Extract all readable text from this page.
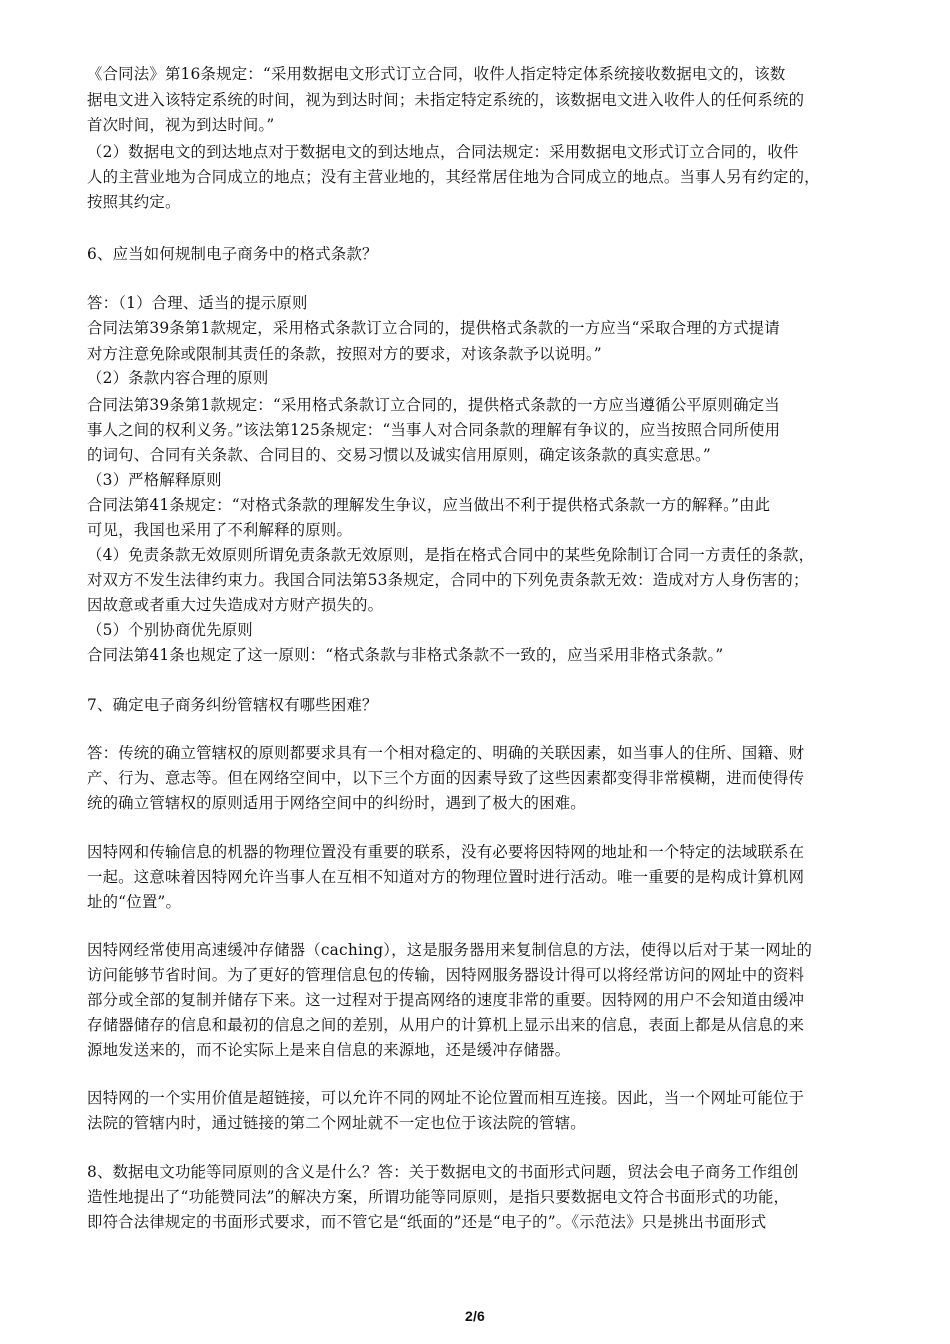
《合同法》第16条规定：“采用数据电文形式订立合同，收件人指定特定体系统接收数据电文的，该数
据电文进入该特定系统的时间，视为到达时间；未指定特定系统的，该数据电文进入收件人的任何系统的
首次时间，视为到达时间。”
（2）数据电文的到达地点对于数据电文的到达地点，合同法规定：采用数据电文形式订立合同的，收件
人的主营业地为合同成立的地点；没有主营业地的，其经常居住地为合同成立的地点。当事人另有约定的，
按照其约定。
6、应当如何规制电子商务中的格式条款？
答：（1）合理、适当的提示原则
合同法第39条第1款规定，采用格式条款订立合同的，提供格式条款的一方应当“采取合理的方式提请
对方注意免除或限制其责任的条款，按照对方的要求，对该条款予以说明。”
（2）条款内容合理的原则
合同法第39条第1款规定：“采用格式条款订立合同的，提供格式条款的一方应当遵循公平原则确定当
事人之间的权利义务。”该法第125条规定：“当事人对合同条款的理解有争议的，应当按照合同所使用
的词句、合同有关条款、合同目的、交易习惯以及诚实信用原则，确定该条款的真实意思。”
（3）严格解释原则
合同法第41条规定：“对格式条款的理解发生争议，应当做出不利于提供格式条款一方的解释。”由此
可见，我国也采用了不利解释的原则。
（4）免责条款无效原则所谓免责条款无效原则，是指在格式合同中的某些免除制订合同一方责任的条款，
对双方不发生法律约束力。我国合同法第53条规定，合同中的下列免责条款无效：造成对方人身伤害的；
因故意或者重大过失造成对方财产损失的。
（5）个别协商优先原则
合同法第41条也规定了这一原则：“格式条款与非格式条款不一致的，应当采用非格式条款。”
7、确定电子商务纠纷管辖权有哪些困难？
答：传统的确立管辖权的原则都要求具有一个相对稳定的、明确的关联因素，如当事人的住所、国籍、财
产、行为、意志等。但在网络空间中，以下三个方面的因素导致了这些因素都变得非常模糊，进而使得传
统的确立管辖权的原则适用于网络空间中的纠纷时，遇到了极大的困难。
因特网和传输信息的机器的物理位置没有重要的联系，没有必要将因特网的地址和一个特定的法域联系在
一起。这意味着因特网允许当事人在互相不知道对方的物理位置时进行活动。唯一重要的是构成计算机网
址的“位置”。
因特网经常使用高速缓冲存储器（caching），这是服务器用来复制信息的方法，使得以后对于某一网址的
访问能够节省时间。为了更好的管理信息包的传输，因特网服务器设计得可以将经常访问的网址中的资料
部分或全部的复制并储存下来。这一过程对于提高网络的速度非常的重要。因特网的用户不会知道由缓冲
存储器储存的信息和最初的信息之间的差别，从用户的计算机上显示出来的信息，表面上都是从信息的来
源地发送来的，而不论实际上是来自信息的来源地，还是缓冲存储器。
因特网的一个实用价值是超链接，可以允许不同的网址不论位置而相互连接。因此，当一个网址可能位于
法院的管辖内时，通过链接的第二个网址就不一定也位于该法院的管辖。
8、数据电文功能等同原则的含义是什么？答：关于数据电文的书面形式问题，贸法会电子商务工作组创
造性地提出了“功能赞同法”的解决方案，所谓功能等同原则，是指只要数据电文符合书面形式的功能，
即符合法律规定的书面形式要求，而不管它是“纸面的”还是“电子的”。《示范法》只是挑出书面形式
2/6
